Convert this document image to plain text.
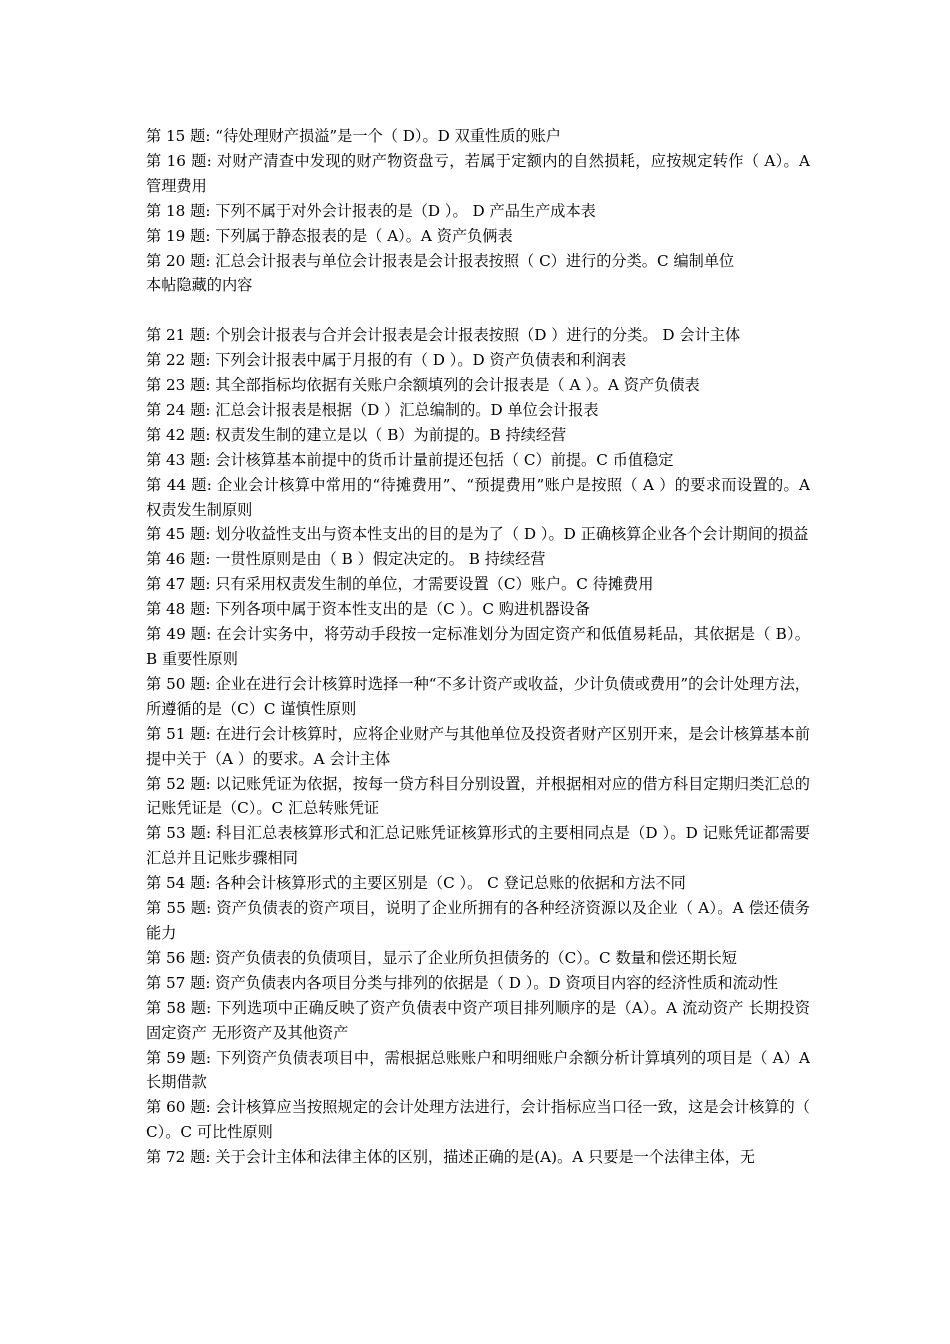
第 15 题: “待处理财产损溢”是一个（ D）。D 双重性质的账户

第 16 题: 对财产清查中发现的财产物资盘亏，若属于定额内的自然损耗，应按规定转作（ A）。A 管理费用

第 18 题: 下列不属于对外会计报表的是（D ）。 D 产品生产成本表

第 19 题: 下列属于静态报表的是（ A）。A 资产负俩表

第 20 题: 汇总会计报表与单位会计报表是会计报表按照（ C）进行的分类。C 编制单位

本帖隐藏的内容

第 21 题: 个别会计报表与合并会计报表是会计报表按照（D ）进行的分类。 D 会计主体

第 22 题: 下列会计报表中属于月报的有（ D ）。D 资产负债表和利润表

第 23 题: 其全部指标均依据有关账户余额填列的会计报表是（ A ）。A 资产负债表

第 24 题: 汇总会计报表是根据（D ）汇总编制的。D 单位会计报表

第 42 题: 权责发生制的建立是以（ B）为前提的。B 持续经营

第 43 题: 会计核算基本前提中的货币计量前提还包括（ C）前提。C 币值稳定

第 44 题: 企业会计核算中常用的“待摊费用”、“预提费用”账户是按照（ A ）的要求而设置的。A 权责发生制原则

第 45 题: 划分收益性支出与资本性支出的目的是为了（ D ）。D 正确核算企业各个会计期间的损益

第 46 题: 一贯性原则是由（ B ）假定决定的。 B 持续经营

第 47 题: 只有采用权责发生制的单位，才需要设置（C）账户。C 待摊费用

第 48 题: 下列各项中属于资本性支出的是（C ）。C 购进机器设备

第 49 题: 在会计实务中，将劳动手段按一定标准划分为固定资产和低值易耗品，其依据是（ B）。B 重要性原则

第 50 题: 企业在进行会计核算时选择一种“不多计资产或收益，少计负债或费用”的会计处理方法，所遵循的是（C）C 谨慎性原则

第 51 题: 在进行会计核算时，应将企业财产与其他单位及投资者财产区别开来，是会计核算基本前提中关于（A ）的要求。A 会计主体

第 52 题: 以记账凭证为依据，按每一贷方科目分别设置，并根据相对应的借方科目定期归类汇总的记账凭证是（C）。C 汇总转账凭证

第 53 题: 科目汇总表核算形式和汇总记账凭证核算形式的主要相同点是（D ）。D 记账凭证都需要汇总并且记账步骤相同

第 54 题: 各种会计核算形式的主要区别是（C ）。 C 登记总账的依据和方法不同

第 55 题: 资产负债表的资产项目，说明了企业所拥有的各种经济资源以及企业（ A）。A 偿还债务能力

第 56 题: 资产负债表的负债项目，显示了企业所负担债务的（C）。C 数量和偿还期长短

第 57 题: 资产负债表内各项目分类与排列的依据是（ D ）。D 资项目内容的经济性质和流动性

第 58 题: 下列选项中正确反映了资产负债表中资产项目排列顺序的是（A）。A 流动资产 长期投资 固定资产 无形资产及其他资产

第 59 题: 下列资产负债表项目中，需根据总账账户和明细账户余额分析计算填列的项目是（ A）A 长期借款

第 60 题: 会计核算应当按照规定的会计处理方法进行，会计指标应当口径一致，这是会计核算的（ C）。C 可比性原则

第 72 题: 关于会计主体和法律主体的区别，描述正确的是(A)。A 只要是一个法律主体，无
